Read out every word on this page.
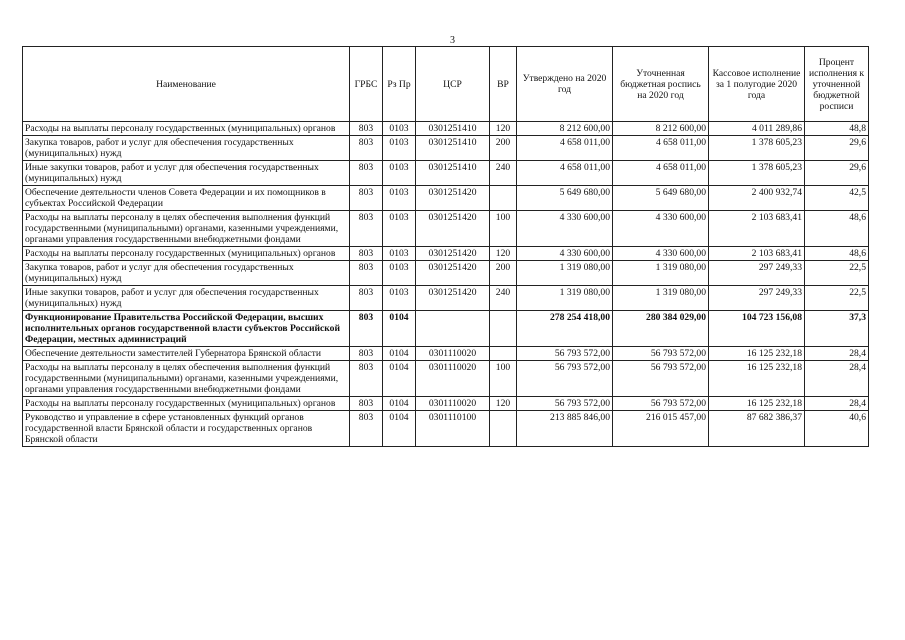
3
Наименование	ГРБС	Рз Пр	ЦСР	ВР	Утверждено на 2020 год	Уточненная бюджетная роспись на 2020 год	Кассовое исполнение за 1 полугодие 2020 года	Процент исполнения к уточненной бюджетной росписи
Расходы на выплаты персоналу государственных (муниципальных) органов	803	0103	0301251410	120	8 212 600,00	8 212 600,00	4 011 289,86	48,8
Закупка товаров, работ и услуг для обеспечения государственных (муниципальных) нужд	803	0103	0301251410	200	4 658 011,00	4 658 011,00	1 378 605,23	29,6
Иные закупки товаров, работ и услуг для обеспечения государственных (муниципальных) нужд	803	0103	0301251410	240	4 658 011,00	4 658 011,00	1 378 605,23	29,6
Обеспечение деятельности членов Совета Федерации и их помощников в субъектах Российской Федерации	803	0103	0301251420		5 649 680,00	5 649 680,00	2 400 932,74	42,5
Расходы на выплаты персоналу в целях обеспечения выполнения функций государственными (муниципальными) органами, казенными учреждениями, органами управления государственными внебюджетными фондами	803	0103	0301251420	100	4 330 600,00	4 330 600,00	2 103 683,41	48,6
Расходы на выплаты персоналу государственных (муниципальных) органов	803	0103	0301251420	120	4 330 600,00	4 330 600,00	2 103 683,41	48,6
Закупка товаров, работ и услуг для обеспечения государственных (муниципальных) нужд	803	0103	0301251420	200	1 319 080,00	1 319 080,00	297 249,33	22,5
Иные закупки товаров, работ и услуг для обеспечения государственных (муниципальных) нужд	803	0103	0301251420	240	1 319 080,00	1 319 080,00	297 249,33	22,5
Функционирование Правительства Российской Федерации, высших исполнительных органов государственной власти субъектов Российской Федерации, местных администраций	803	0104			278 254 418,00	280 384 029,00	104 723 156,08	37,3
Обеспечение деятельности заместителей Губернатора Брянской области	803	0104	0301110020		56 793 572,00	56 793 572,00	16 125 232,18	28,4
Расходы на выплаты персоналу в целях обеспечения выполнения функций государственными (муниципальными) органами, казенными учреждениями, органами управления государственными внебюджетными фондами	803	0104	0301110020	100	56 793 572,00	56 793 572,00	16 125 232,18	28,4
Расходы на выплаты персоналу государственных (муниципальных) органов	803	0104	0301110020	120	56 793 572,00	56 793 572,00	16 125 232,18	28,4
Руководство и управление в сфере установленных функций органов государственной власти Брянской области и государственных органов Брянской области	803	0104	0301110100		213 885 846,00	216 015 457,00	87 682 386,37	40,6
